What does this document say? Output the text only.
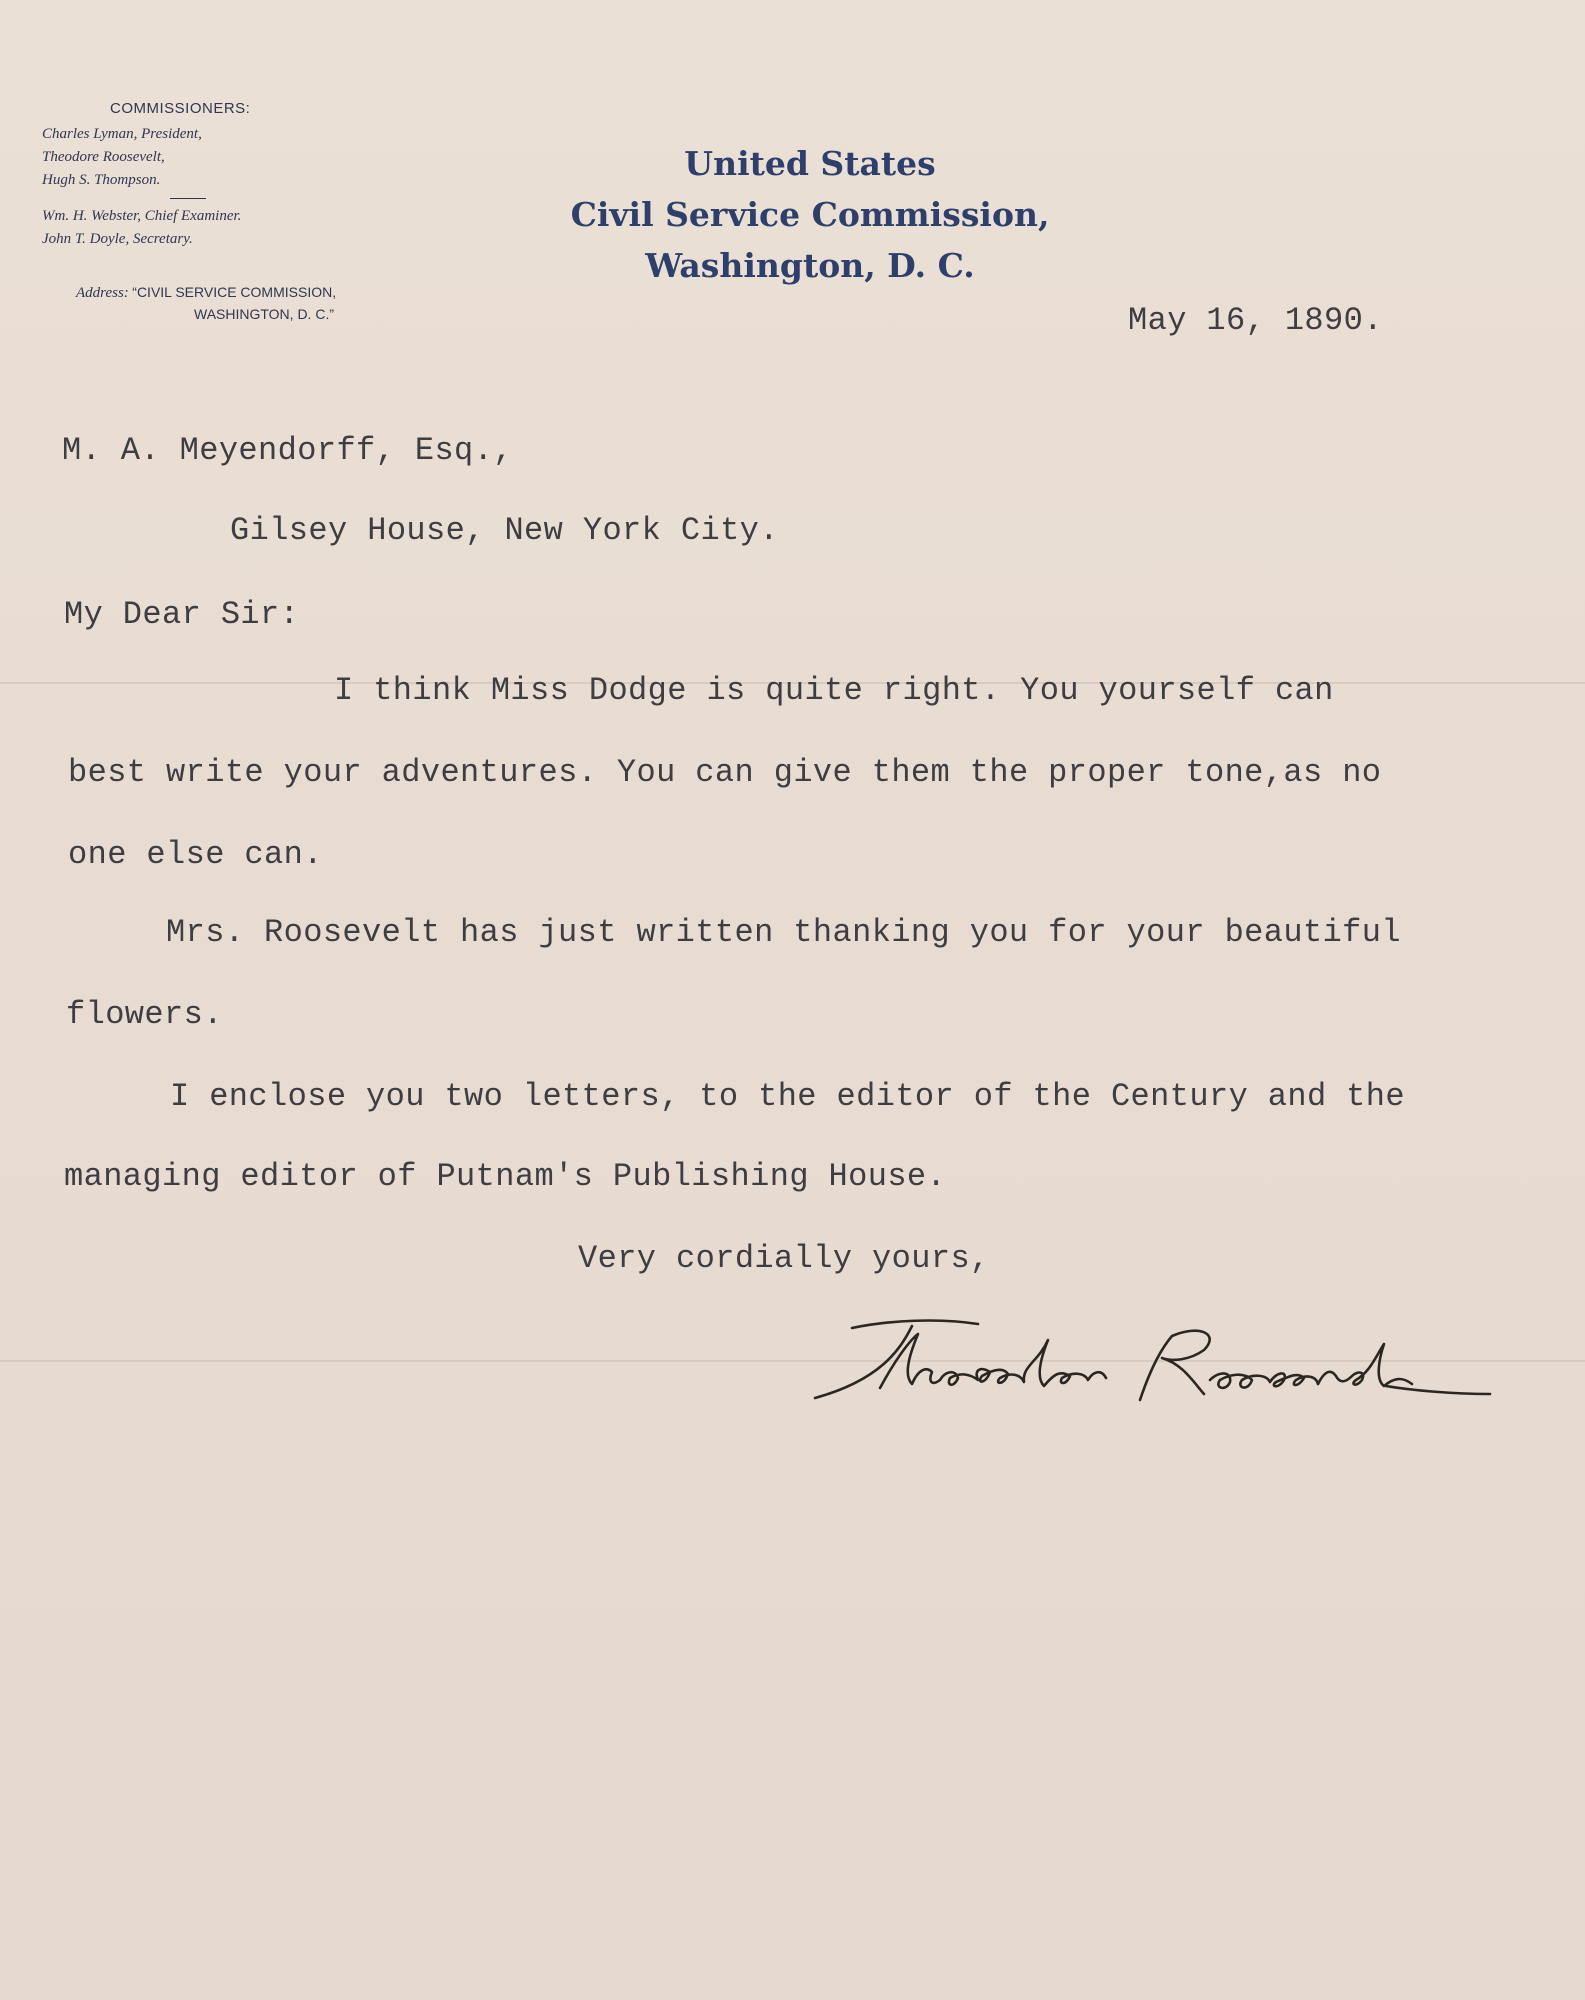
COMMISSIONERS:
Charles Lyman, President,
Theodore Roosevelt,
Hugh S. Thompson.
Wm. H. Webster, Chief Examiner.
John T. Doyle, Secretary.
Address: “CIVIL SERVICE COMMISSION,
WASHINGTON, D. C.”
United States
Civil Service Commission,
Washington, D. C.
May 16, 1890.
M. A. Meyendorff, Esq.,
Gilsey House, New York City.
My Dear Sir:
I think Miss Dodge is quite right. You yourself can
best write your adventures. You can give them the proper tone,as no
one else can.
Mrs. Roosevelt has just written thanking you for your beautiful
flowers.
I enclose you two letters, to the editor of the Century and the
managing editor of Putnam's Publishing House.
Very cordially yours,
